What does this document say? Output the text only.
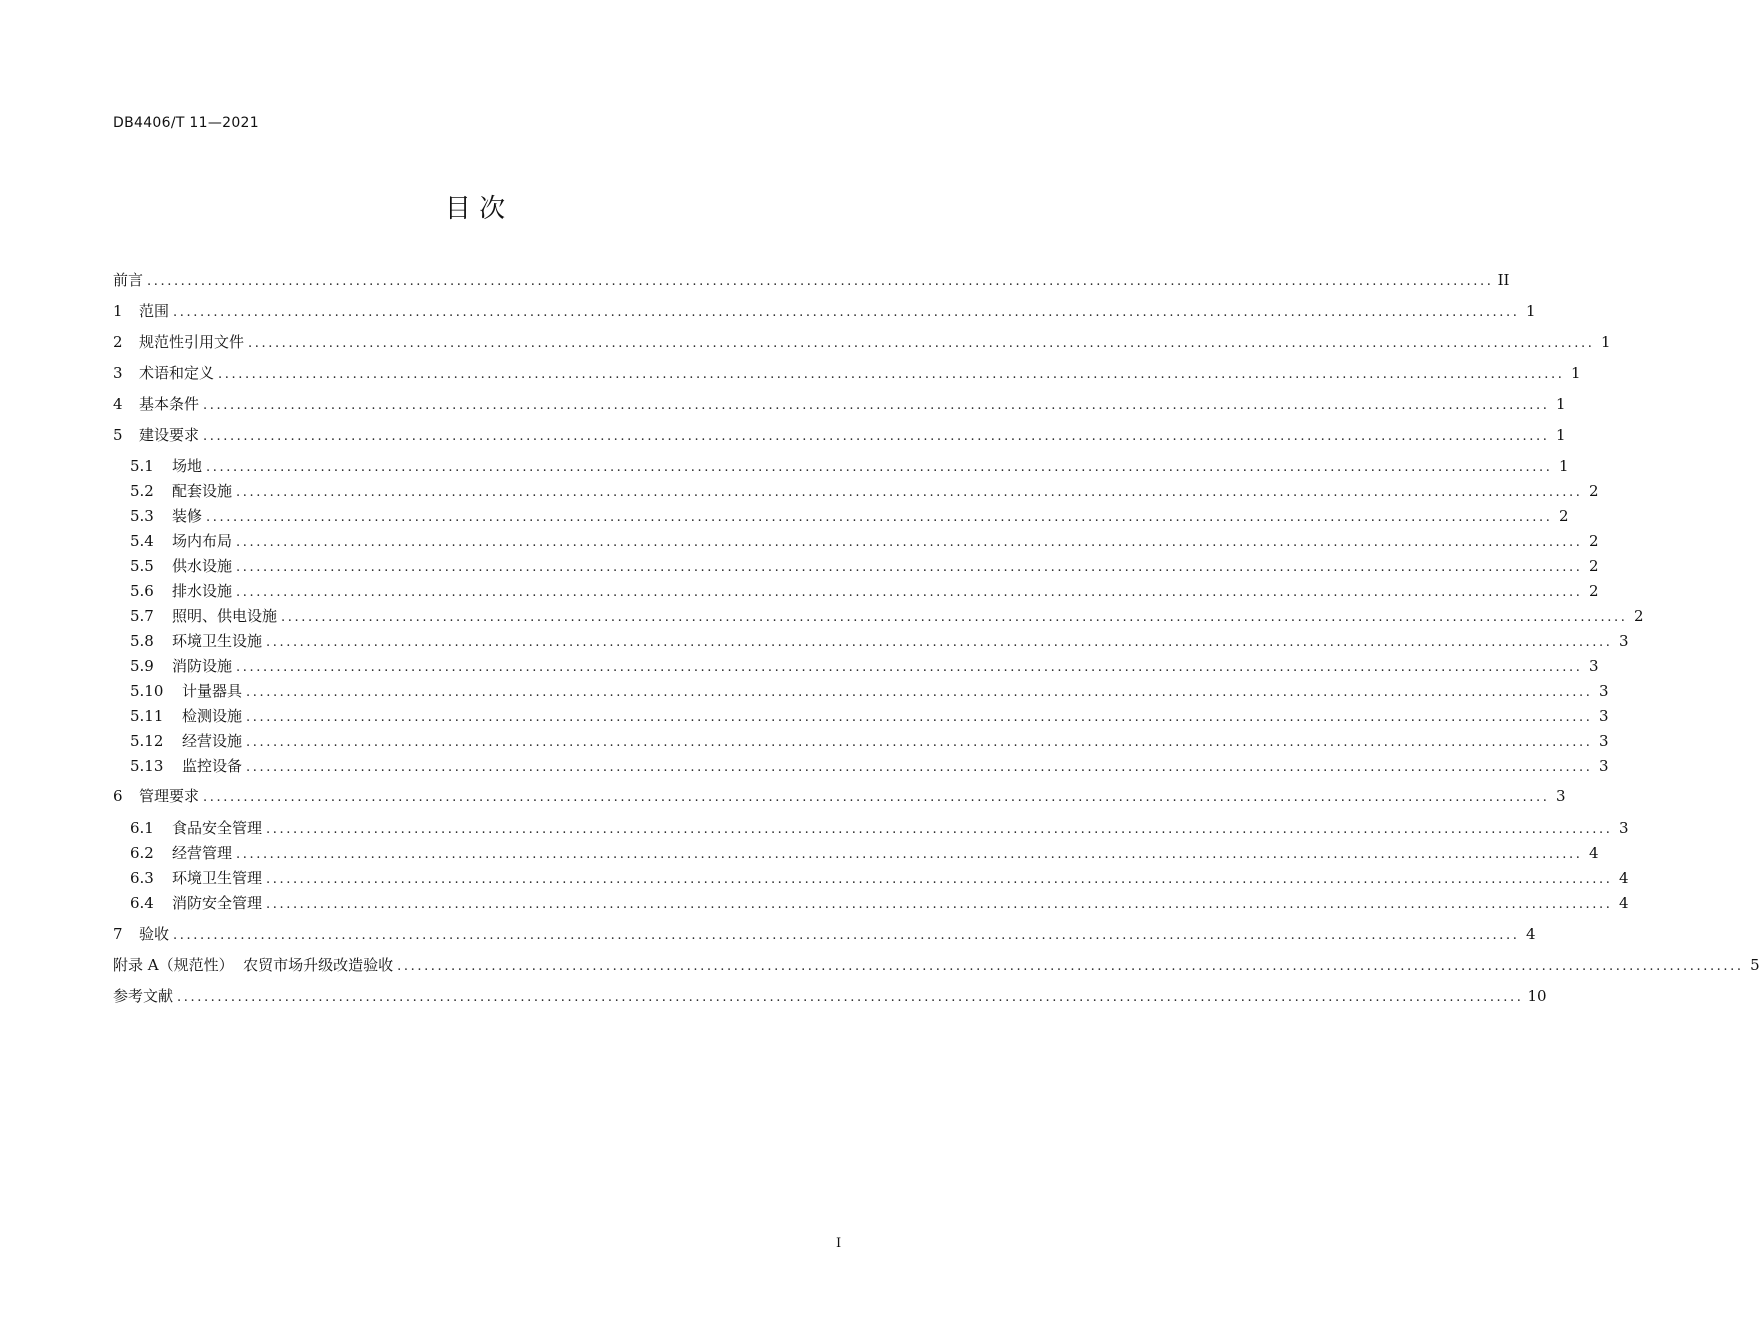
DB4406/T 11—2021
目 次
前言 ........................................................................................................................................................................................................ II
1	范围 ........................................................................................................................................................................................................ 1
2	规范性引用文件 ........................................................................................................................................................................................................ 1
3	术语和定义 ........................................................................................................................................................................................................ 1
4	基本条件 ........................................................................................................................................................................................................ 1
5	建设要求 ........................................................................................................................................................................................................ 1
5.1	场地 ........................................................................................................................................................................................................ 1
5.2	配套设施 ........................................................................................................................................................................................................ 2
5.3	装修 ........................................................................................................................................................................................................ 2
5.4	场内布局 ........................................................................................................................................................................................................ 2
5.5	供水设施 ........................................................................................................................................................................................................ 2
5.6	排水设施 ........................................................................................................................................................................................................ 2
5.7	照明、供电设施 ........................................................................................................................................................................................................ 2
5.8	环境卫生设施 ........................................................................................................................................................................................................ 3
5.9	消防设施 ........................................................................................................................................................................................................ 3
5.10	计量器具 ........................................................................................................................................................................................................ 3
5.11	检测设施 ........................................................................................................................................................................................................ 3
5.12	经营设施 ........................................................................................................................................................................................................ 3
5.13	监控设备 ........................................................................................................................................................................................................ 3
6	管理要求 ........................................................................................................................................................................................................ 3
6.1	食品安全管理 ........................................................................................................................................................................................................ 3
6.2	经营管理 ........................................................................................................................................................................................................ 4
6.3	环境卫生管理 ........................................................................................................................................................................................................ 4
6.4	消防安全管理 ........................................................................................................................................................................................................ 4
7	验收 ........................................................................................................................................................................................................ 4
附录 A（规范性）  农贸市场升级改造验收 ........................................................................................................................................................................................................ 5
参考文献 ........................................................................................................................................................................................................ 10
I
